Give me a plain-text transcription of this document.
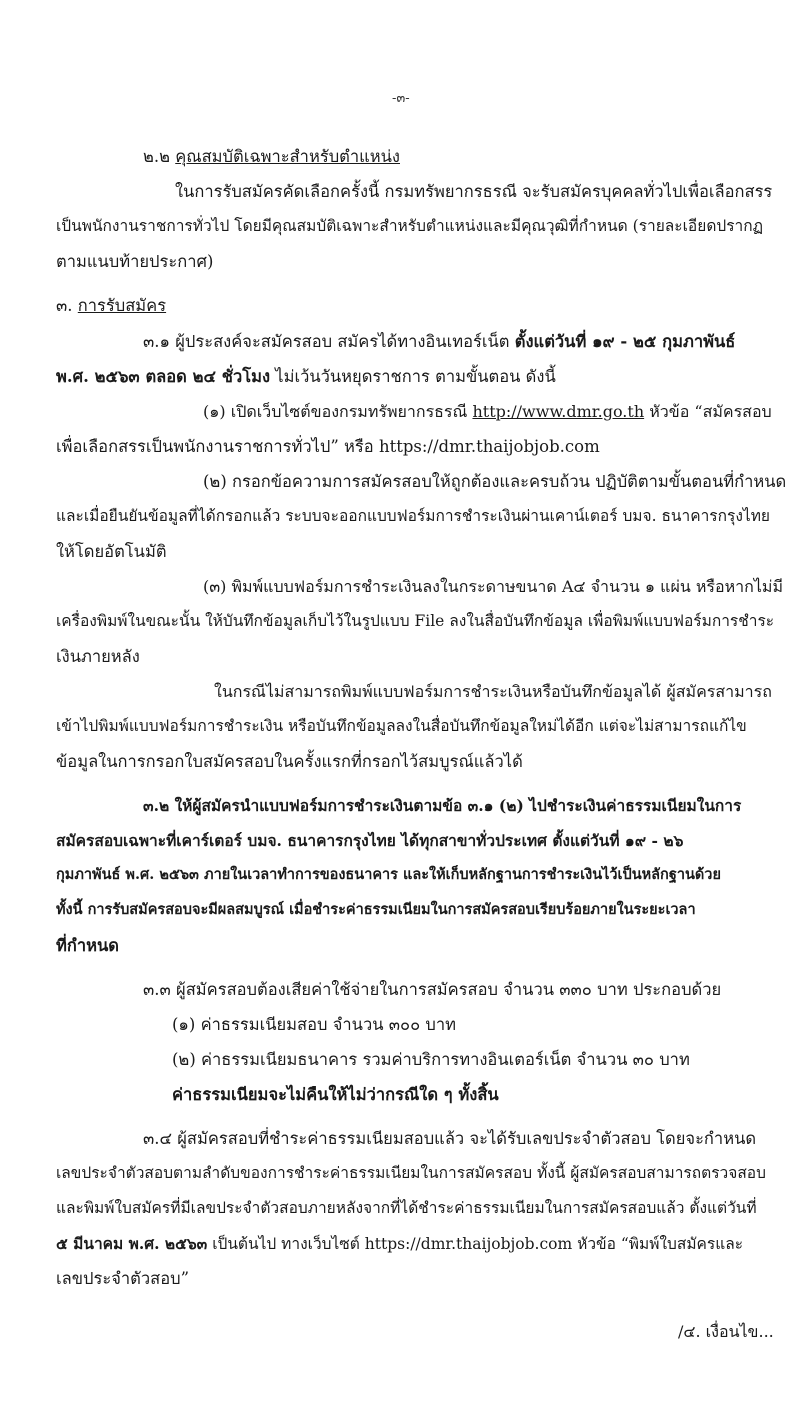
-๓-
๒.๒ คุณสมบัติเฉพาะสำหรับตำแหน่ง
ในการรับสมัครคัดเลือกครั้งนี้ กรมทรัพยากรธรณี จะรับสมัครบุคคลทั่วไปเพื่อเลือกสรร
เป็นพนักงานราชการทั่วไป โดยมีคุณสมบัติเฉพาะสำหรับตำแหน่งและมีคุณวุฒิที่กำหนด (รายละเอียดปรากฏ
ตามแนบท้ายประกาศ)
๓. การรับสมัคร
๓.๑ ผู้ประสงค์จะสมัครสอบ สมัครได้ทางอินเทอร์เน็ต ตั้งแต่วันที่ ๑๙ - ๒๕ กุมภาพันธ์
พ.ศ. ๒๕๖๓ ตลอด ๒๔ ชั่วโมง ไม่เว้นวันหยุดราชการ ตามขั้นตอน ดังนี้
(๑) เปิดเว็บไซต์ของกรมทรัพยากรธรณี http://www.dmr.go.th หัวข้อ “สมัครสอบ
เพื่อเลือกสรรเป็นพนักงานราชการทั่วไป” หรือ https://dmr.thaijobjob.com
(๒) กรอกข้อความการสมัครสอบให้ถูกต้องและครบถ้วน ปฏิบัติตามขั้นตอนที่กำหนด
และเมื่อยืนยันข้อมูลที่ได้กรอกแล้ว ระบบจะออกแบบฟอร์มการชำระเงินผ่านเคาน์เตอร์ บมจ. ธนาคารกรุงไทย
ให้โดยอัตโนมัติ
(๓) พิมพ์แบบฟอร์มการชำระเงินลงในกระดาษขนาด A๔ จำนวน ๑ แผ่น หรือหากไม่มี
เครื่องพิมพ์ในขณะนั้น ให้บันทึกข้อมูลเก็บไว้ในรูปแบบ File ลงในสื่อบันทึกข้อมูล เพื่อพิมพ์แบบฟอร์มการชำระ
เงินภายหลัง
ในกรณีไม่สามารถพิมพ์แบบฟอร์มการชำระเงินหรือบันทึกข้อมูลได้ ผู้สมัครสามารถ
เข้าไปพิมพ์แบบฟอร์มการชำระเงิน หรือบันทึกข้อมูลลงในสื่อบันทึกข้อมูลใหม่ได้อีก แต่จะไม่สามารถแก้ไข
ข้อมูลในการกรอกใบสมัครสอบในครั้งแรกที่กรอกไว้สมบูรณ์แล้วได้
๓.๒ ให้ผู้สมัครนำแบบฟอร์มการชำระเงินตามข้อ ๓.๑ (๒) ไปชำระเงินค่าธรรมเนียมในการ
สมัครสอบเฉพาะที่เคาร์เตอร์ บมจ. ธนาคารกรุงไทย ได้ทุกสาขาทั่วประเทศ ตั้งแต่วันที่ ๑๙ - ๒๖
กุมภาพันธ์ พ.ศ. ๒๕๖๓ ภายในเวลาทำการของธนาคาร และให้เก็บหลักฐานการชำระเงินไว้เป็นหลักฐานด้วย
ทั้งนี้ การรับสมัครสอบจะมีผลสมบูรณ์ เมื่อชำระค่าธรรมเนียมในการสมัครสอบเรียบร้อยภายในระยะเวลา
ที่กำหนด
๓.๓ ผู้สมัครสอบต้องเสียค่าใช้จ่ายในการสมัครสอบ จำนวน ๓๓๐ บาท ประกอบด้วย
(๑) ค่าธรรมเนียมสอบ จำนวน ๓๐๐ บาท
(๒) ค่าธรรมเนียมธนาคาร รวมค่าบริการทางอินเตอร์เน็ต จำนวน ๓๐ บาท
ค่าธรรมเนียมจะไม่คืนให้ไม่ว่ากรณีใด ๆ ทั้งสิ้น
๓.๔ ผู้สมัครสอบที่ชำระค่าธรรมเนียมสอบแล้ว จะได้รับเลขประจำตัวสอบ โดยจะกำหนด
เลขประจำตัวสอบตามลำดับของการชำระค่าธรรมเนียมในการสมัครสอบ ทั้งนี้ ผู้สมัครสอบสามารถตรวจสอบ
และพิมพ์ใบสมัครที่มีเลขประจำตัวสอบภายหลังจากที่ได้ชำระค่าธรรมเนียมในการสมัครสอบแล้ว ตั้งแต่วันที่
๕ มีนาคม พ.ศ. ๒๕๖๓ เป็นต้นไป ทางเว็บไซต์ https://dmr.thaijobjob.com หัวข้อ “พิมพ์ใบสมัครและ
เลขประจำตัวสอบ”
/๔. เงื่อนไข...
